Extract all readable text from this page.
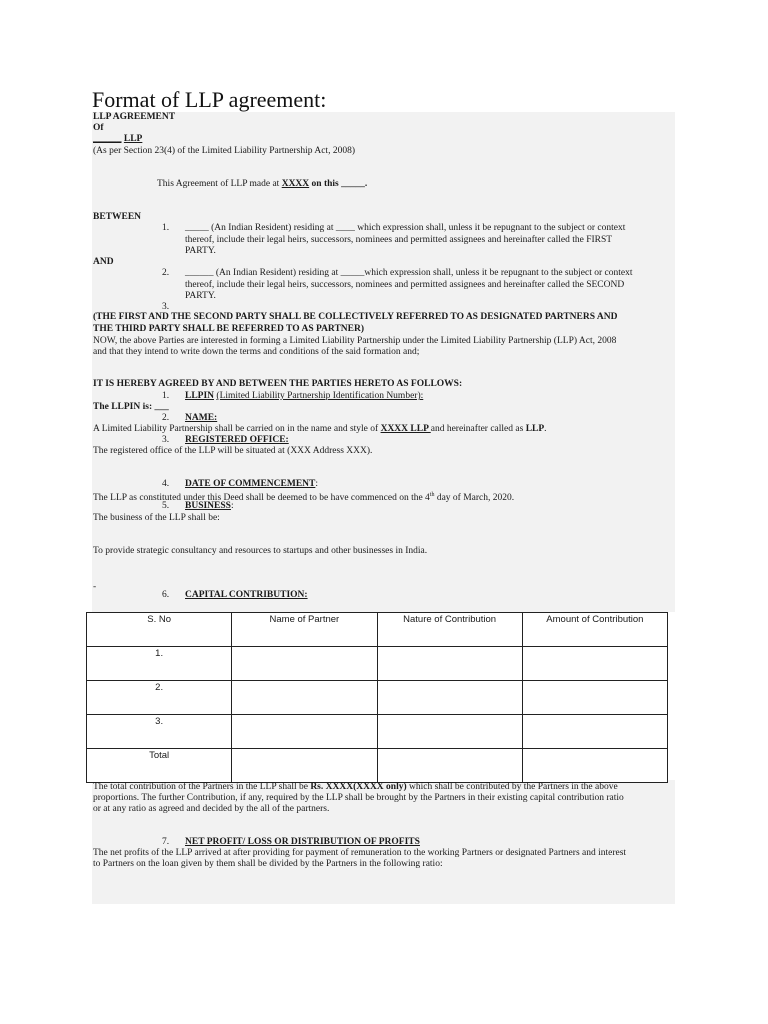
Format of LLP agreement:
LLP AGREEMENT
Of
______ LLP
(As per Section 23(4) of the Limited Liability Partnership Act, 2008)
This Agreement of LLP made at XXXX on this _____.
BETWEEN
1. _____ (An Indian Resident) residing at ____ which expression shall, unless it be repugnant to the subject or context
thereof, include their legal heirs, successors, nominees and permitted assignees and hereinafter called the FIRST
PARTY.
AND
2. ______ (An Indian Resident) residing at _____which expression shall, unless it be repugnant to the subject or context
thereof, include their legal heirs, successors, nominees and permitted assignees and hereinafter called the SECOND
PARTY.
3.
(THE FIRST AND THE SECOND PARTY SHALL BE COLLECTIVELY REFERRED TO AS DESIGNATED PARTNERS AND
THE THIRD PARTY SHALL BE REFERRED TO AS PARTNER)
NOW, the above Parties are interested in forming a Limited Liability Partnership under the Limited Liability Partnership (LLP) Act, 2008
and that they intend to write down the terms and conditions of the said formation and;
IT IS HEREBY AGREED BY AND BETWEEN THE PARTIES HERETO AS FOLLOWS:
1. LLPIN (Limited Liability Partnership Identification Number):
The LLPIN is: ___
2. NAME:
A Limited Liability Partnership shall be carried on in the name and style of XXXX LLP and hereinafter called as LLP.
3. REGISTERED OFFICE:
The registered office of the LLP will be situated at (XXX Address XXX).
4. DATE OF COMMENCEMENT:
The LLP as constituted under this Deed shall be deemed to be have commenced on the 4th day of March, 2020.
5. BUSINESS:
The business of the LLP shall be:
To provide strategic consultancy and resources to startups and other businesses in India.
-
6. CAPITAL CONTRIBUTION:
S. No	Name of Partner	Nature of Contribution	Amount of Contribution
1.			
2.			
3.			
Total			
The total contribution of the Partners in the LLP shall be Rs. XXXX(XXXX only) which shall be contributed by the Partners in the above
proportions. The further Contribution, if any, required by the LLP shall be brought by the Partners in their existing capital contribution ratio
or at any ratio as agreed and decided by the all of the partners.
7. NET PROFIT/ LOSS OR DISTRIBUTION OF PROFITS
The net profits of the LLP arrived at after providing for payment of remuneration to the working Partners or designated Partners and interest
to Partners on the loan given by them shall be divided by the Partners in the following ratio:
